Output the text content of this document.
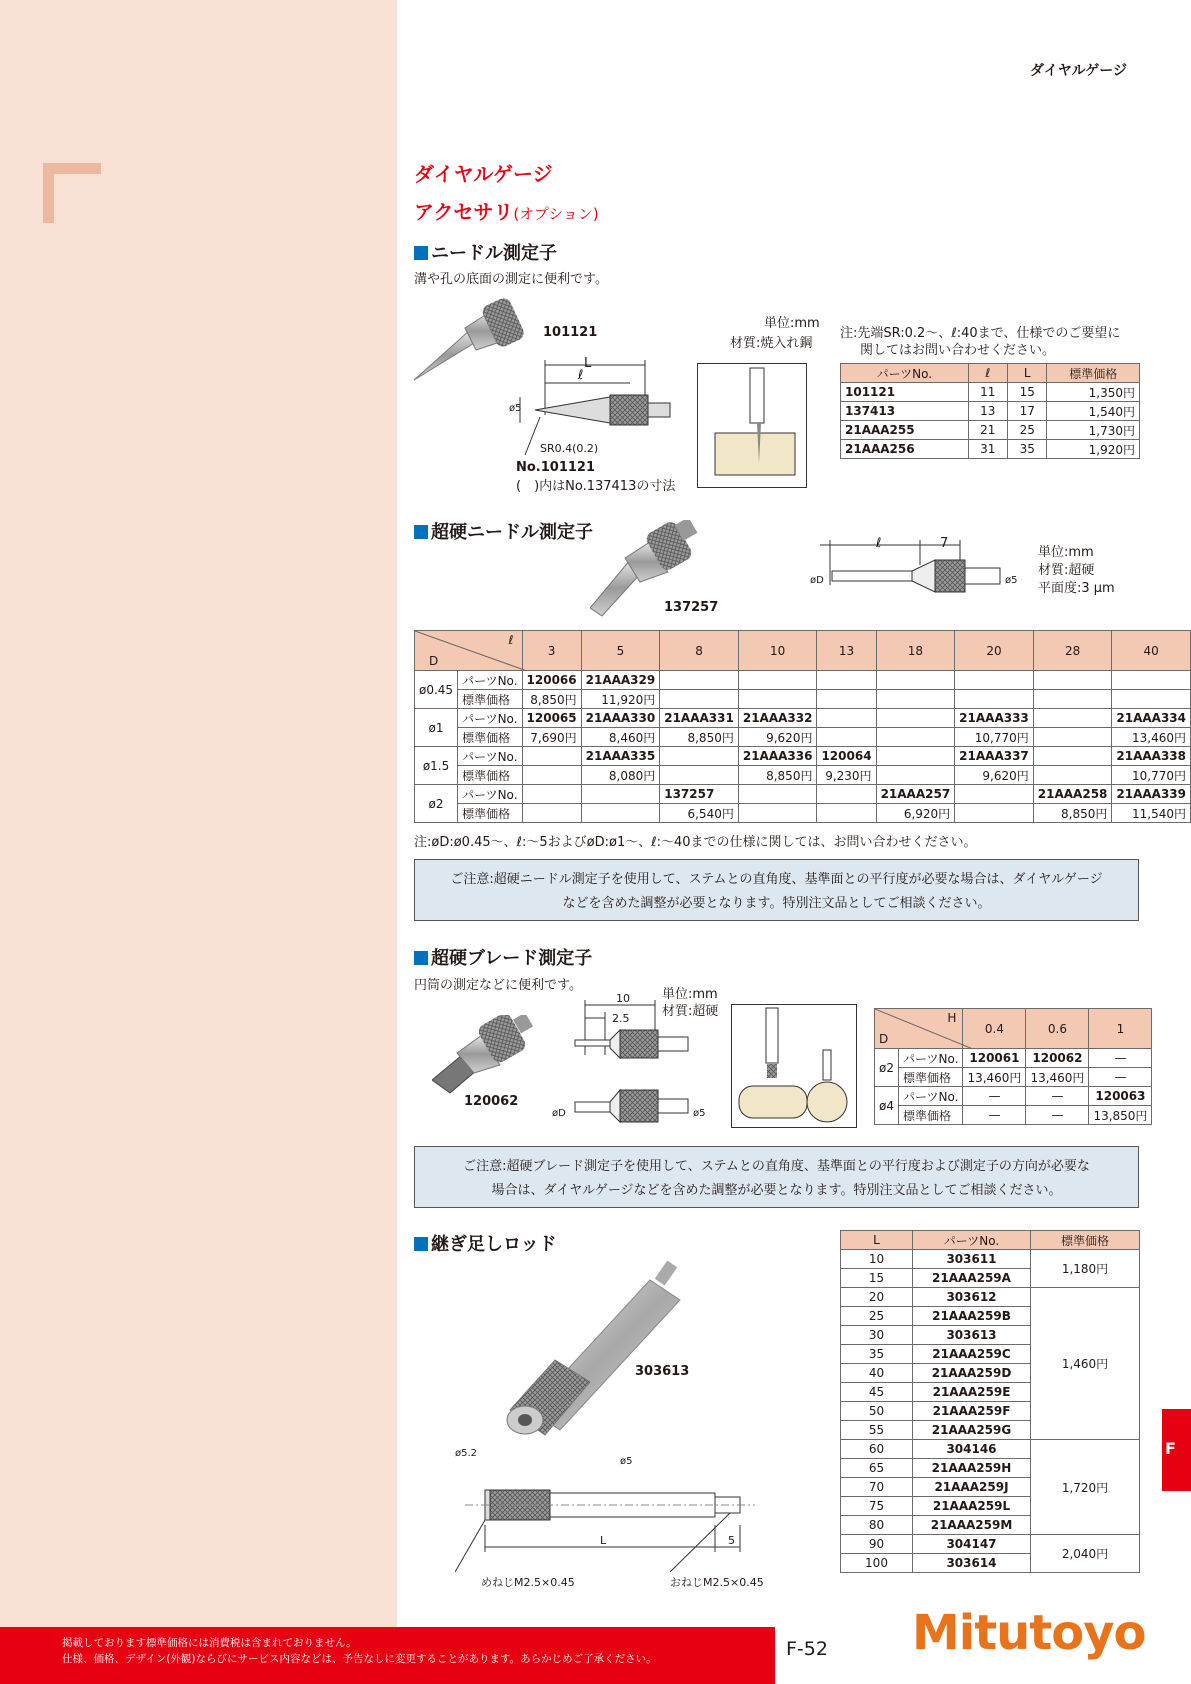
ダイヤルゲージ
ダイヤルゲージ
アクセサリ(オプション)
ニードル測定子
溝や孔の底面の測定に便利です。
101121
単位:mm
材質:焼入れ鋼
L
ℓ
ø5
SR0.4(0.2)
No.101121
(　)内はNo.137413の寸法
注:先端SR:0.2〜、ℓ:40まで、仕様でのご要望に
関してはお問い合わせください。
パーツNo.	ℓ	L	標準価格
101121	11	15	1,350円
137413	13	17	1,540円
21AAA255	21	25	1,730円
21AAA256	31	35	1,920円
超硬ニードル測定子
137257
ℓ	7
øD	ø5
単位:mm
材質:超硬
平面度:3 μm
ℓ
D		3	5	8	10	13	18	20	28	40
ø0.45	パーツNo.	120066	21AAA329							
	標準価格	8,850円	11,920円							
ø1	パーツNo.	120065	21AAA330	21AAA331	21AAA332			21AAA333		21AAA334
	標準価格	7,690円	8,460円	8,850円	9,620円			10,770円		13,460円
ø1.5	パーツNo.		21AAA335		21AAA336	120064		21AAA337		21AAA338
	標準価格		8,080円		8,850円	9,230円		9,620円		10,770円
ø2	パーツNo.			137257			21AAA257		21AAA258	21AAA339
	標準価格			6,540円			6,920円		8,850円	11,540円
注:øD:ø0.45〜、ℓ:〜5およびøD:ø1〜、ℓ:〜40までの仕様に関しては、お問い合わせください。
ご注意:超硬ニードル測定子を使用して、ステムとの直角度、基準面との平行度が必要な場合は、ダイヤルゲージ
などを含めた調整が必要となります。特別注文品としてご相談ください。
超硬ブレード測定子
円筒の測定などに便利です。
120062
10
2.5
øD	ø5
単位:mm
材質:超硬	H
D		0.4	0.6	1
ø2	パーツNo.	120061	120062	—
	標準価格	13,460円	13,460円	—
ø4	パーツNo.	—	—	120063
	標準価格	—	—	13,850円
ご注意:超硬ブレード測定子を使用して、ステムとの直角度、基準面との平行度および測定子の方向が必要な
場合は、ダイヤルゲージなどを含めた調整が必要となります。特別注文品としてご相談ください。
継ぎ足しロッド
303613
ø5.2
ø5
L	5
めねじM2.5×0.45	おねじM2.5×0.45
L	パーツNo.	標準価格
10	303611	1,180円
15	21AAA259A	
20	303612	1,460円
25	21AAA259B	
30	303613	
35	21AAA259C	
40	21AAA259D	
45	21AAA259E	
50	21AAA259F	
55	21AAA259G	
60	304146	1,720円
65	21AAA259H	
70	21AAA259J	
75	21AAA259L	
80	21AAA259M	
90	304147	2,040円
100	303614	
掲載しております標準価格には消費税は含まれておりません。
仕様、価格、デザイン(外観)ならびにサービス内容などは、予告なしに変更することがあります。あらかじめご了承ください。	F-52 Mitutoyo
F
